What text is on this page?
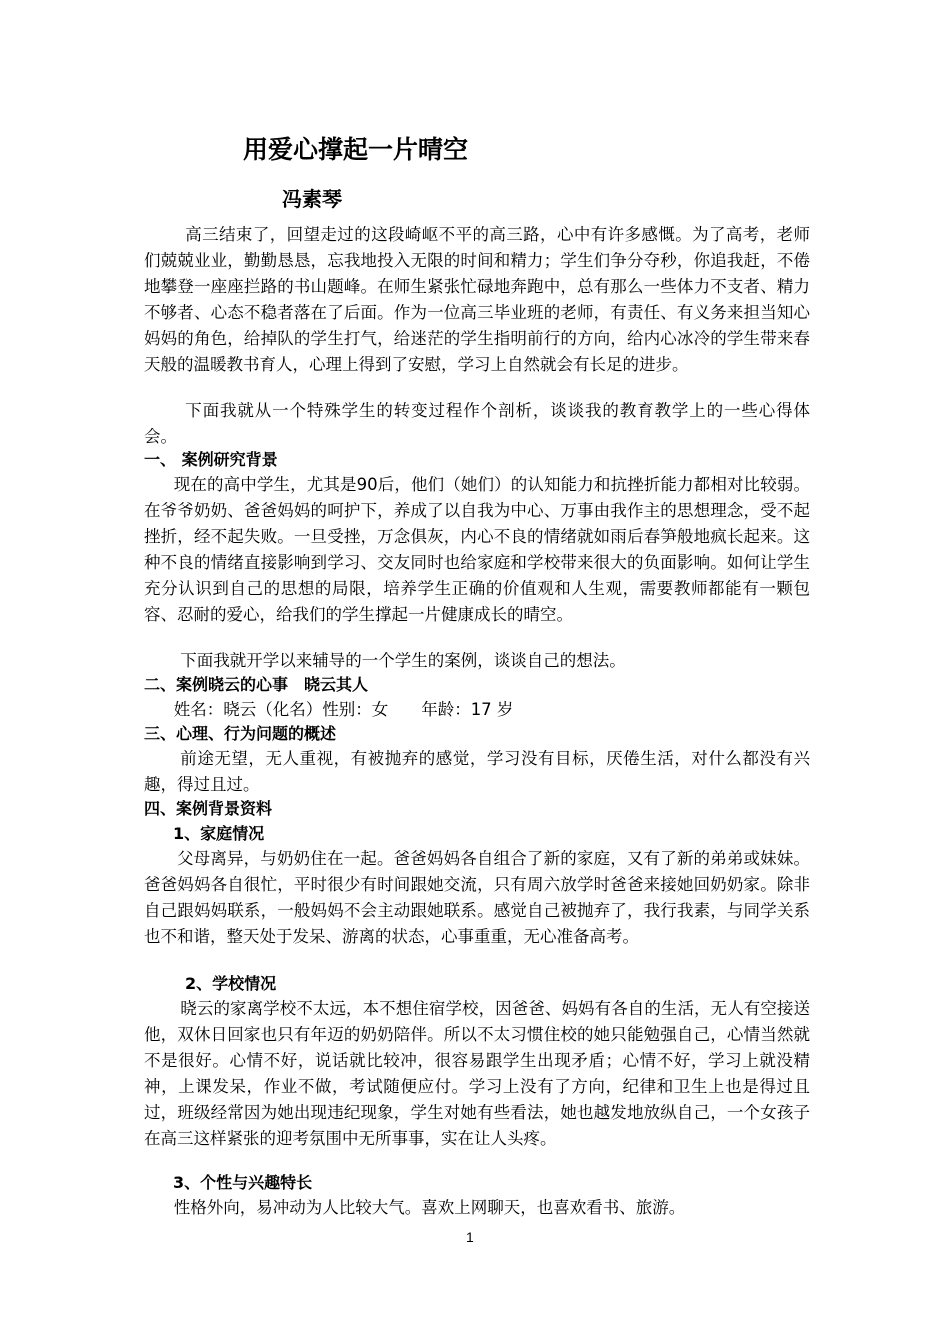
用爱心撑起一片晴空
冯素琴
高三结束了，回望走过的这段崎岖不平的高三路，心中有许多感慨。为了高考，老师们兢兢业业，勤勤恳恳，忘我地投入无限的时间和精力；学生们争分夺秒，你追我赶，不倦地攀登一座座拦路的书山题峰。在师生紧张忙碌地奔跑中，总有那么一些体力不支者、精力不够者、心态不稳者落在了后面。作为一位高三毕业班的老师，有责任、有义务来担当知心妈妈的角色，给掉队的学生打气，给迷茫的学生指明前行的方向，给内心冰冷的学生带来春天般的温暖教书育人，心理上得到了安慰，学习上自然就会有长足的进步。
下面我就从一个特殊学生的转变过程作个剖析，谈谈我的教育教学上的一些心得体会。
一、 案例研究背景
现在的高中学生，尤其是90后，他们（她们）的认知能力和抗挫折能力都相对比较弱。在爷爷奶奶、爸爸妈妈的呵护下，养成了以自我为中心、万事由我作主的思想理念，受不起挫折，经不起失败。一旦受挫，万念俱灰，内心不良的情绪就如雨后春笋般地疯长起来。这种不良的情绪直接影响到学习、交友同时也给家庭和学校带来很大的负面影响。如何让学生充分认识到自己的思想的局限，培养学生正确的价值观和人生观，需要教师都能有一颗包容、忍耐的爱心，给我们的学生撑起一片健康成长的晴空。
下面我就开学以来辅导的一个学生的案例，谈谈自己的想法。
二、案例晓云的心事　晓云其人
姓名：晓云（化名）性别：女　　年龄：17 岁
三、心理、行为问题的概述
前途无望，无人重视，有被抛弃的感觉，学习没有目标，厌倦生活，对什么都没有兴趣，得过且过。
四、案例背景资料
1、家庭情况
父母离异，与奶奶住在一起。爸爸妈妈各自组合了新的家庭，又有了新的弟弟或妹妹。爸爸妈妈各自很忙，平时很少有时间跟她交流，只有周六放学时爸爸来接她回奶奶家。除非自己跟妈妈联系，一般妈妈不会主动跟她联系。感觉自己被抛弃了，我行我素，与同学关系也不和谐，整天处于发呆、游离的状态，心事重重，无心准备高考。
2、学校情况
晓云的家离学校不太远，本不想住宿学校，因爸爸、妈妈有各自的生活，无人有空接送他，双休日回家也只有年迈的奶奶陪伴。所以不太习惯住校的她只能勉强自己，心情当然就不是很好。心情不好，说话就比较冲，很容易跟学生出现矛盾；心情不好，学习上就没精神，上课发呆，作业不做，考试随便应付。学习上没有了方向，纪律和卫生上也是得过且过，班级经常因为她出现违纪现象，学生对她有些看法，她也越发地放纵自己，一个女孩子在高三这样紧张的迎考氛围中无所事事，实在让人头疼。
3、个性与兴趣特长
性格外向，易冲动为人比较大气。喜欢上网聊天，也喜欢看书、旅游。
1
